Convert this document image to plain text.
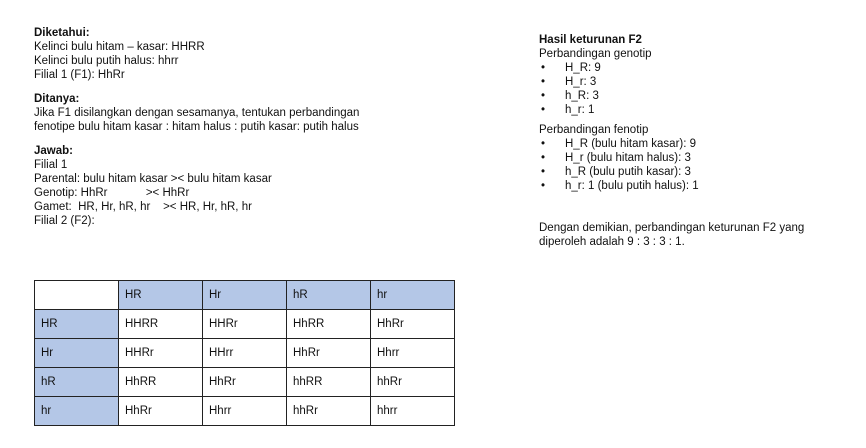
Diketahui:
Kelinci bulu hitam – kasar: HHRR
Kelinci bulu putih halus: hhrr
Filial 1 (F1): HhRr
Ditanya:
Jika F1 disilangkan dengan sesamanya, tentukan perbandingan
fenotipe bulu hitam kasar : hitam halus : putih kasar: putih halus
Jawab:
Filial 1
Parental: bulu hitam kasar >< bulu hitam kasar
Genotip: HhRr            >< HhRr
Gamet:  HR, Hr, hR, hr    >< HR, Hr, hR, hr
Filial 2 (F2):
	HR	Hr	hR	hr
HR	HHRR	HHRr	HhRR	HhRr
Hr	HHRr	HHrr	HhRr	Hhrr
hR	HhRR	HhRr	hhRR	hhRr
hr	HhRr	Hhrr	hhRr	hhrr
Hasil keturunan F2
Perbandingan genotip
• H_R: 9
• H_r: 3
• h_R: 3
• h_r: 1
Perbandingan fenotip
• H_R (bulu hitam kasar): 9
• H_r (bulu hitam halus): 3
• h_R (bulu putih kasar): 3
• h_r: 1 (bulu putih halus): 1
Dengan demikian, perbandingan keturunan F2 yang
diperoleh adalah 9 : 3 : 3 : 1.
